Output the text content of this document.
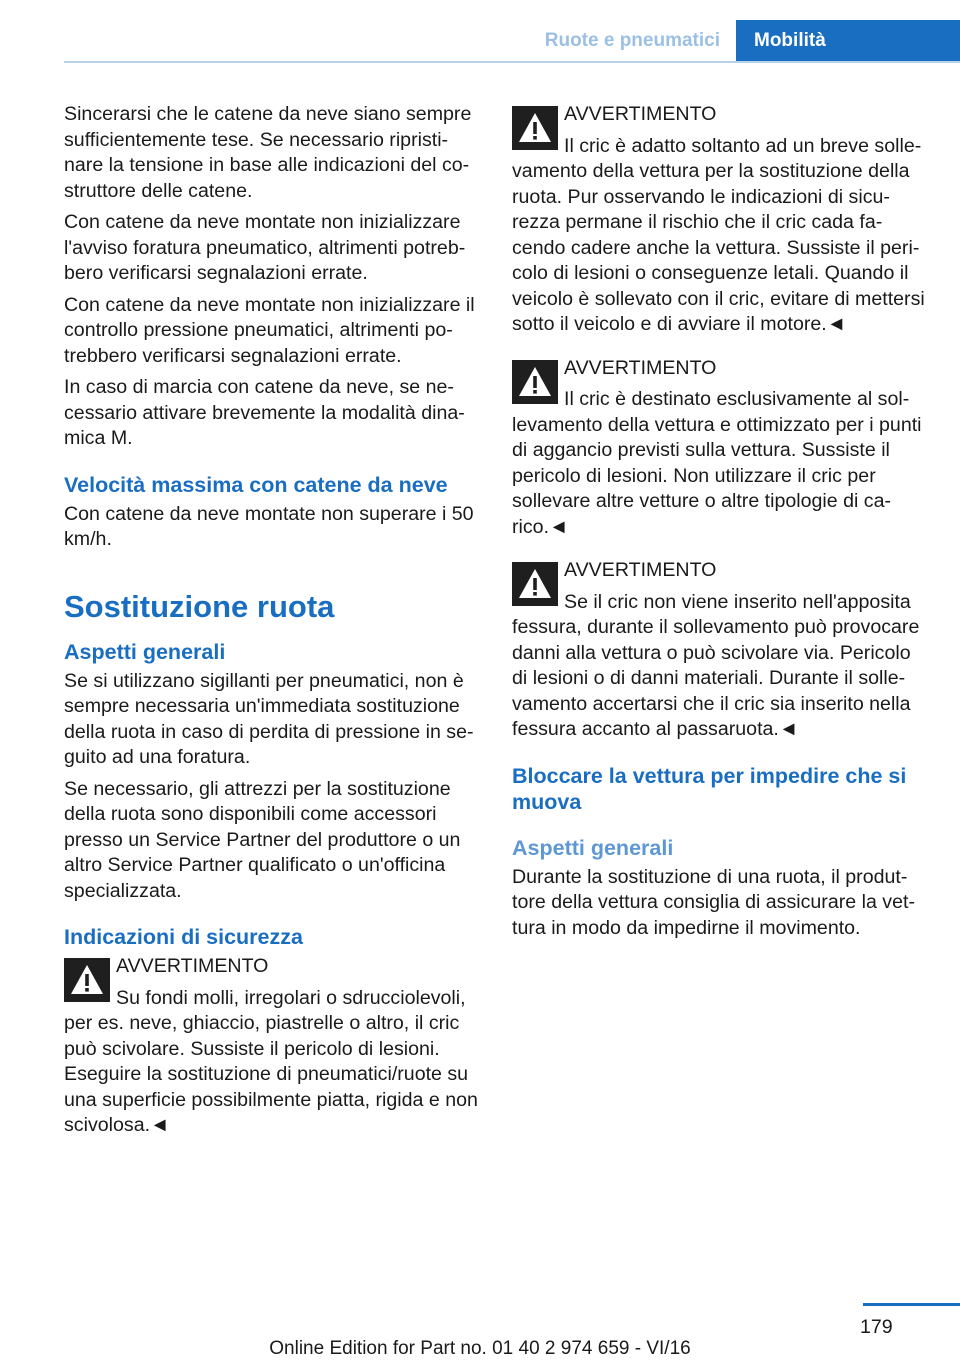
Ruote e pneumatici	Mobilità

Sincerarsi che le catene da neve siano sempre sufficientemente tese. Se necessario ripristinare la tensione in base alle indicazioni del costruttore delle catene.

Con catene da neve montate non inizializzare l'avviso foratura pneumatico, altrimenti potrebbero verificarsi segnalazioni errate.

Con catene da neve montate non inizializzare il controllo pressione pneumatici, altrimenti potrebbero verificarsi segnalazioni errate.

In caso di marcia con catene da neve, se necessario attivare brevemente la modalità dinamica M.

Velocità massima con catene da neve

Con catene da neve montate non superare i 50 km/h.

Sostituzione ruota
Aspetti generali

Se si utilizzano sigillanti per pneumatici, non è sempre necessaria un'immediata sostituzione della ruota in caso di perdita di pressione in seguito ad una foratura.

Se necessario, gli attrezzi per la sostituzione della ruota sono disponibili come accessori presso un Service Partner del produttore o un altro Service Partner qualificato o un'officina specializzata.

Indicazioni di sicurezza

AVVERTIMENTO

Su fondi molli, irregolari o sdrucciolevoli, per es. neve, ghiaccio, piastrelle o altro, il cric può scivolare. Sussiste il pericolo di lesioni. Eseguire la sostituzione di pneumatici/ruote su una superficie possibilmente piatta, rigida e non scivolosa.◄

AVVERTIMENTO

Il cric è adatto soltanto ad un breve sollevamento della vettura per la sostituzione della ruota. Pur osservando le indicazioni di sicurezza permane il rischio che il cric cada facendo cadere anche la vettura. Sussiste il pericolo di lesioni o conseguenze letali. Quando il veicolo è sollevato con il cric, evitare di mettersi sotto il veicolo e di avviare il motore.◄

AVVERTIMENTO

Il cric è destinato esclusivamente al sollevamento della vettura e ottimizzato per i punti di aggancio previsti sulla vettura. Sussiste il pericolo di lesioni. Non utilizzare il cric per sollevare altre vetture o altre tipologie di carico.◄

AVVERTIMENTO

Se il cric non viene inserito nell'apposita fessura, durante il sollevamento può provocare danni alla vettura o può scivolare via. Pericolo di lesioni o di danni materiali. Durante il sollevamento accertarsi che il cric sia inserito nella fessura accanto al passaruota.◄

Bloccare la vettura per impedire che si muova
Aspetti generali

Durante la sostituzione di una ruota, il produttore della vettura consiglia di assicurare la vettura in modo da impedirne il movimento.

179
Online Edition for Part no. 01 40 2 974 659 - VI/16
